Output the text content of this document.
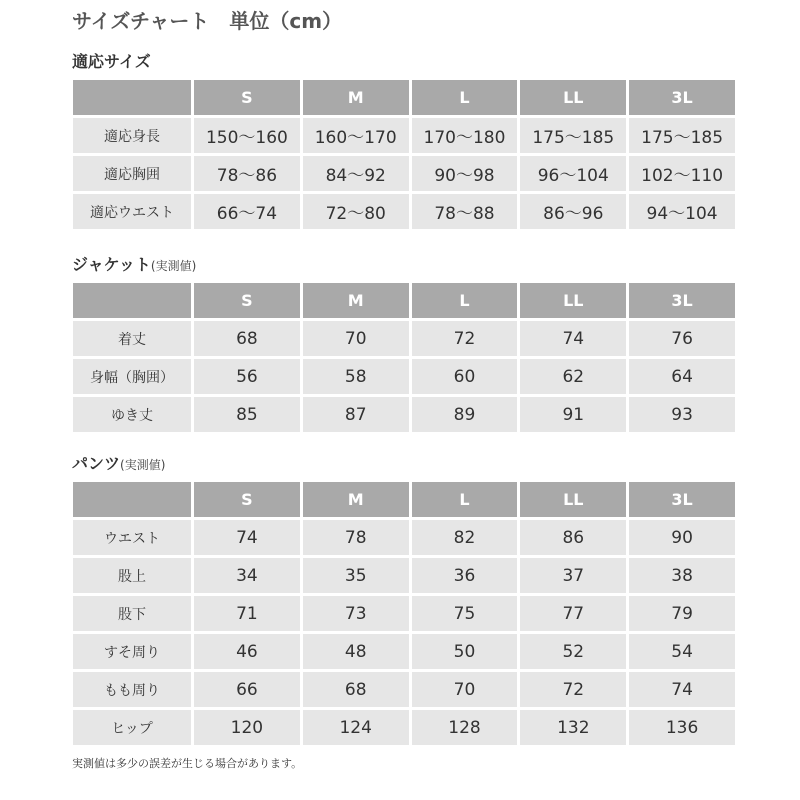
サイズチャート　単位（cm）
適応サイズ
	S	M	L	LL	3L
適応身長	150～160	160～170	170～180	175～185	175～185
適応胸囲	78～86	84～92	90～98	96～104	102～110
適応ウエスト	66～74	72～80	78～88	86～96	94～104
ジャケット(実測値)
	S	M	L	LL	3L
着丈	68	70	72	74	76
身幅（胸囲）	56	58	60	62	64
ゆき丈	85	87	89	91	93
パンツ(実測値)
	S	M	L	LL	3L
ウエスト	74	78	82	86	90
股上	34	35	36	37	38
股下	71	73	75	77	79
すそ周り	46	48	50	52	54
もも周り	66	68	70	72	74
ヒップ	120	124	128	132	136
実測値は多少の誤差が生じる場合があります。
